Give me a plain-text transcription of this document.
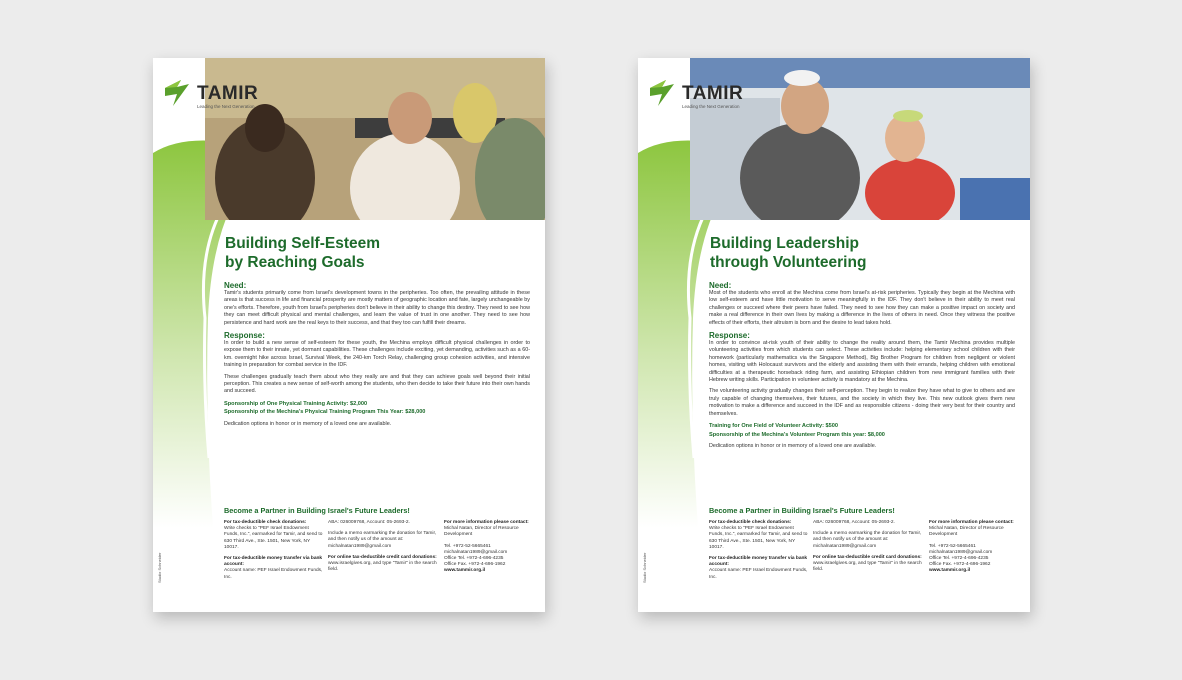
TAMIR
Leading the Next Generation
Building Self-Esteem
by Reaching Goals
Need:

Tamir's students primarily come from Israel's development towns in the peripheries. Too often, the prevailing attitude in these areas is that success in life and financial prosperity are mostly matters of geographic location and fate, largely unchangeable by one's efforts. Therefore, youth from Israel's peripheries don't believe in their ability to change this destiny. They need to see how they can meet difficult physical and mental challenges, and learn the value of trust in one another. They need to see how persistence and hard work are the real keys to their success, and that they too can fulfill their dreams.

Response:

In order to build a new sense of self-esteem for these youth, the Mechina employs difficult physical challenges in order to expose them to their innate, yet dormant capabilities. These challenges include exciting, yet demanding, activities such as a 60-km. overnight hike across Israel, Survival Week, the 240-km Torch Relay, challenging group cohesion activities, and intensive training in preparation for combat service in the IDF.

These challenges gradually teach them about who they really are and that they can achieve goals well beyond their initial perception. This creates a new sense of self-worth among the students, who then decide to take their future into their own hands and succeed.

Sponsorship of One Physical Training Activity: $2,000
Sponsorship of the Mechina's Physical Training Program This Year: $28,000
Dedication options in honor or in memory of a loved one are available.
Become a Partner in Building Israel's Future Leaders!
For tax-deductible check donations:
Write checks to "PEF Israel Endowment Funds, Inc.", earmarked for Tamir, and send to 630 Third Ave., Ste. 1501, New York, NY 10017.
For tax-deductible money transfer via bank account:
Account name: PEF Israel Endowment Funds, Inc.
ABA: 026009768, Account: 05-2693-2.
Include a memo earmarking the donation for Tamir, and then notify us of the amount at: michalnatan1989@gmail.com
For online tax-deductible credit card donations:
www.israelgives.org, and type "Tamir" in the search field.
For more information please contact:
Michal Natan, Director of Resource Development
Tel. +972-52-5665461
michalnatan1989@gmail.com
Office Tel. +972-4-696-4235
Office Fax. +972-4-696-1962
www.tammir.org.il
Studio Schneider
TAMIR
Leading the Next Generation
Building Leadership
through Volunteering
Need:

Most of the students who enroll at the Mechina come from Israel's at-risk peripheries. Typically they begin at the Mechina with low self-esteem and have little motivation to serve meaningfully in the IDF. They don't believe in their ability to meet real challenges or succeed where their peers have failed. They need to see how they can make a positive impact on society and make a real difference in their own lives by making a difference in the lives of others in need. Once they witness the positive effects of their efforts, their altruism is born and the desire to lead takes hold.

Response:

In order to convince at-risk youth of their ability to change the reality around them, the Tamir Mechina provides multiple volunteering activities from which students can select. These activities include: helping elementary school children with their homework (particularly mathematics via the Singapore Method), Big Brother Program for children from negligent or violent homes, visiting with Holocaust survivors and the elderly and assisting them with their errands, helping children with emotional difficulties at a therapeutic horseback riding farm, and assisting Ethiopian children from new immigrant families with their Hebrew writing skills. Participation in volunteer activity is mandatory at the Mechina.

The volunteering activity gradually changes their self-perception. They begin to realize they have what to give to others and are truly capable of changing themselves, their futures, and the society in which they live. This new outlook gives them new motivation to make a difference and succeed in the IDF and as responsible citizens - doing their very best for their country and themselves.

Training for One Field of Volunteer Activity: $500
Sponsorship of the Mechina's Volunteer Program this year: $8,000
Dedication options in honor or in memory of a loved one are available.
Become a Partner in Building Israel's Future Leaders!
For tax-deductible check donations:
Write checks to "PEF Israel Endowment Funds, Inc.", earmarked for Tamir, and send to 630 Third Ave., Ste. 1501, New York, NY 10017.
For tax-deductible money transfer via bank account:
Account name: PEF Israel Endowment Funds, Inc.
ABA: 026009768, Account: 05-2693-2.
Include a memo earmarking the donation for Tamir, and then notify us of the amount at: michalnatan1989@gmail.com
For online tax-deductible credit card donations:
www.israelgives.org, and type "Tamir" in the search field.
For more information please contact:
Michal Natan, Director of Resource Development
Tel. +972-52-5665461
michalnatan1989@gmail.com
Office Tel. +972-4-696-4235
Office Fax. +972-4-696-1962
www.tammir.org.il
Studio Schneider
